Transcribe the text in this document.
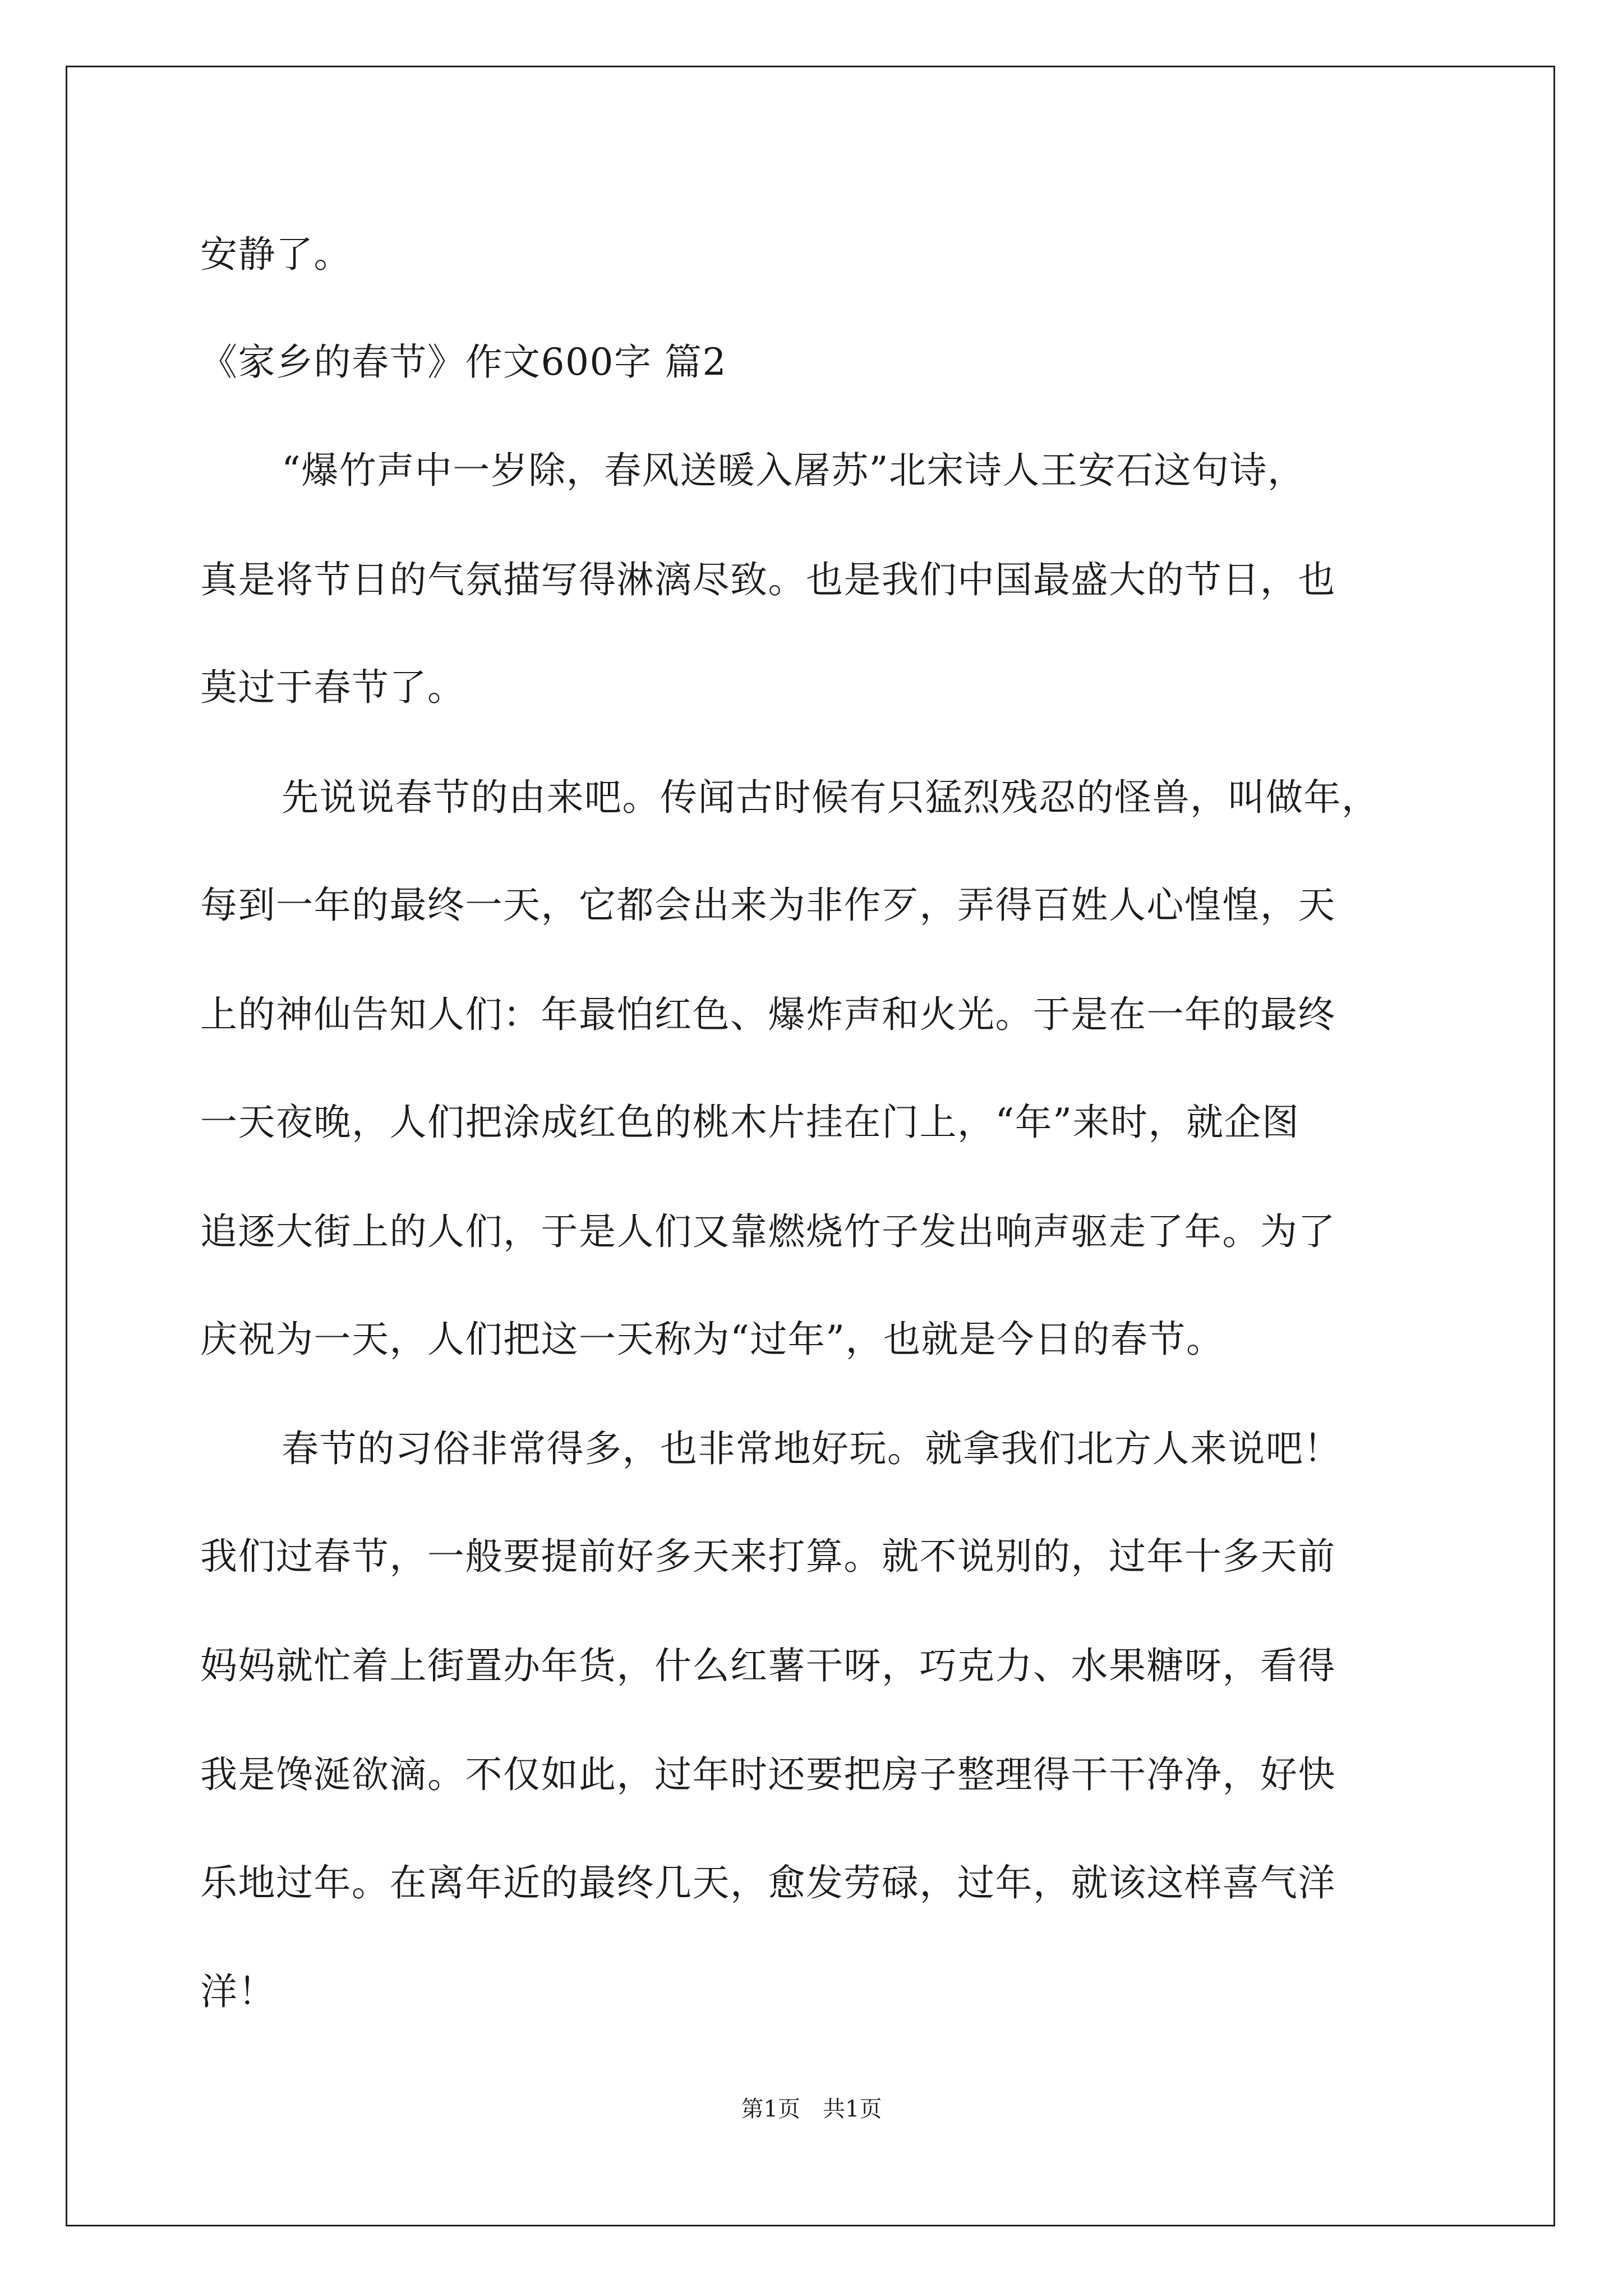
安静了。
《家乡的春节》作文600字 篇2
“爆竹声中一岁除，春风送暖入屠苏”北宋诗人王安石这句诗，
真是将节日的气氛描写得淋漓尽致。也是我们中国最盛大的节日，也
莫过于春节了。
先说说春节的由来吧。传闻古时候有只猛烈残忍的怪兽，叫做年，
每到一年的最终一天，它都会出来为非作歹，弄得百姓人心惶惶，天
上的神仙告知人们：年最怕红色、爆炸声和火光。于是在一年的最终
一天夜晚，人们把涂成红色的桃木片挂在门上，“年”来时，就企图
追逐大街上的人们，于是人们又靠燃烧竹子发出响声驱走了年。为了
庆祝为一天，人们把这一天称为“过年”，也就是今日的春节。
春节的习俗非常得多，也非常地好玩。就拿我们北方人来说吧！
我们过春节，一般要提前好多天来打算。就不说别的，过年十多天前
妈妈就忙着上街置办年货，什么红薯干呀，巧克力、水果糖呀，看得
我是馋涎欲滴。不仅如此，过年时还要把房子整理得干干净净，好快
乐地过年。在离年近的最终几天，愈发劳碌，过年，就该这样喜气洋
洋！
第1页　共1页
